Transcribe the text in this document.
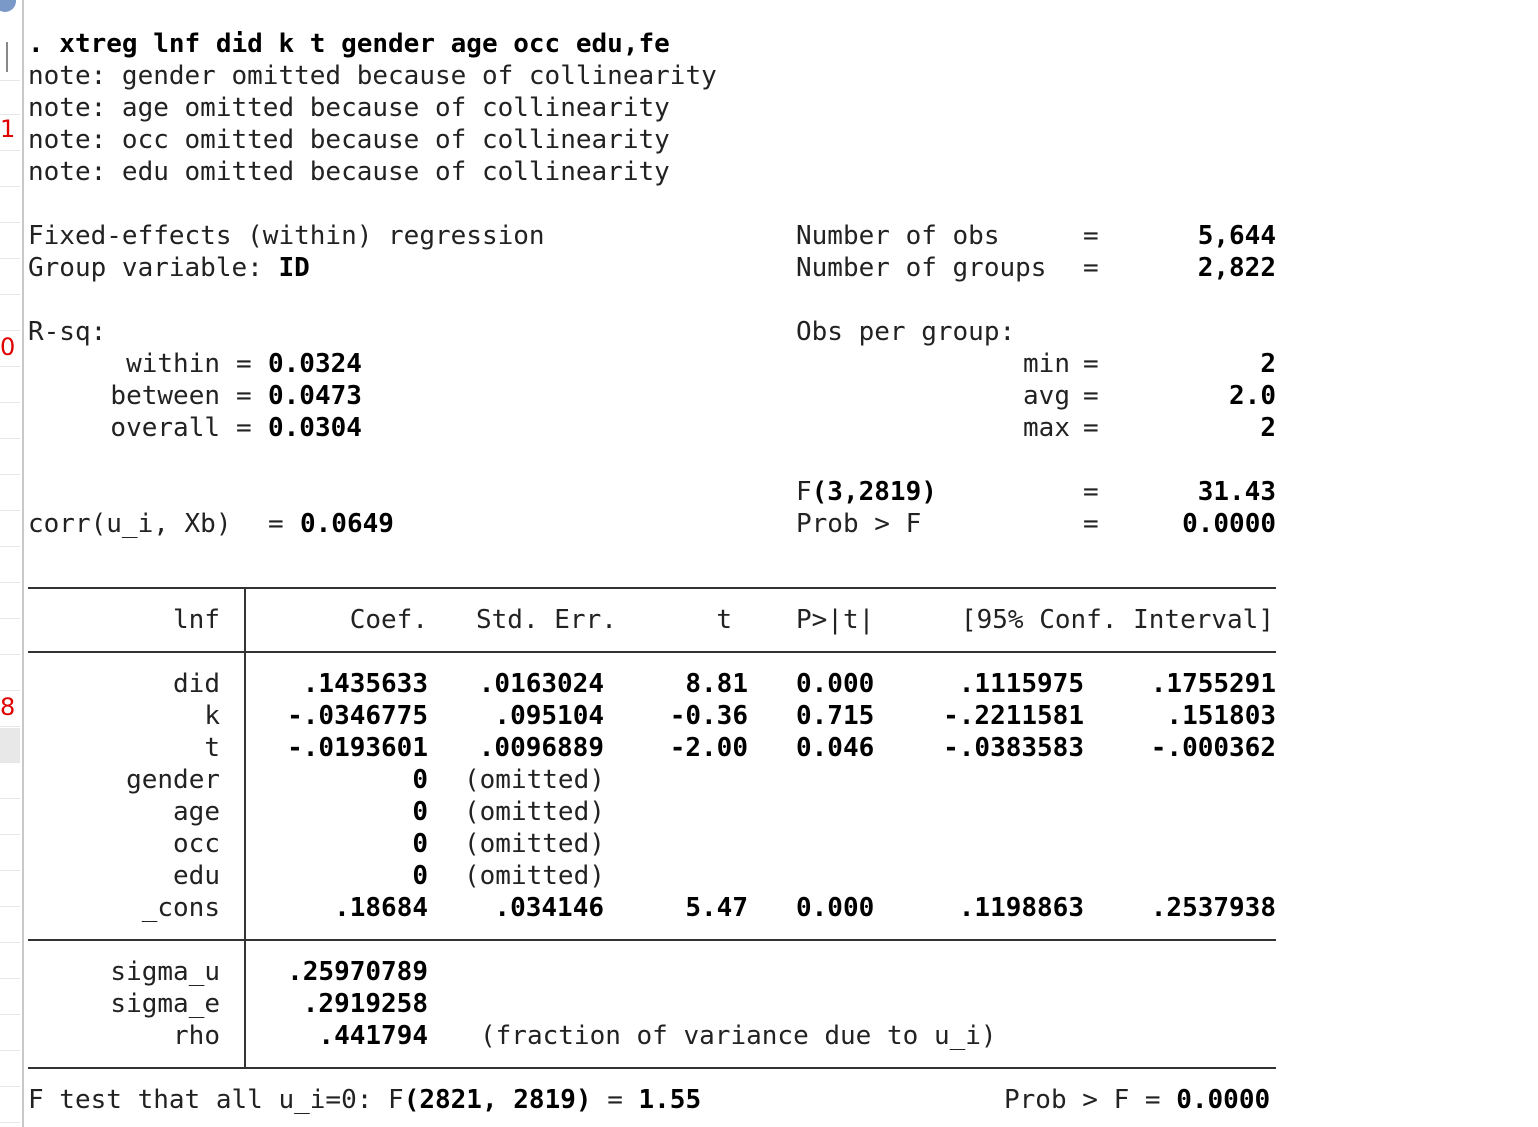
1
0
8
. xtreg lnf did k t gender age occ edu,fe
note: gender omitted because of collinearity
note: age omitted because of collinearity
note: occ omitted because of collinearity
note: edu omitted because of collinearity
Fixed-effects (within) regression
Group variable: ID
Number of obs	=	5,644
Number of groups =	2,822
R-sq:
within = 0.0324
between = 0.0473
overall = 0.0304
Obs per group:
min =	2
avg =	2.0
max =	2
F(3,2819)	=	31.43
corr(u_i, Xb) = 0.0649	Prob > F	=	0.0000
lnf	Coef. Std. Err.	t P>|t|	[95% Conf. Interval]
did	.1435633	.0163024	8.81 0.000	.1115975	.1755291
k	-.0346775	.095104	-0.36 0.715	-.2211581	.151803
t	-.0193601	.0096889	-2.00 0.046	-.0383583	-.000362
gender	0 (omitted)
age	0 (omitted)
occ	0 (omitted)
edu	0 (omitted)
_cons	.18684	.034146	5.47 0.000	.1198863	.2537938
sigma_u	.25970789
sigma_e	.2919258
rho	.441794 (fraction of variance due to u_i)
F test that all u_i=0: F(2821, 2819) = 1.55	Prob > F = 0.0000
